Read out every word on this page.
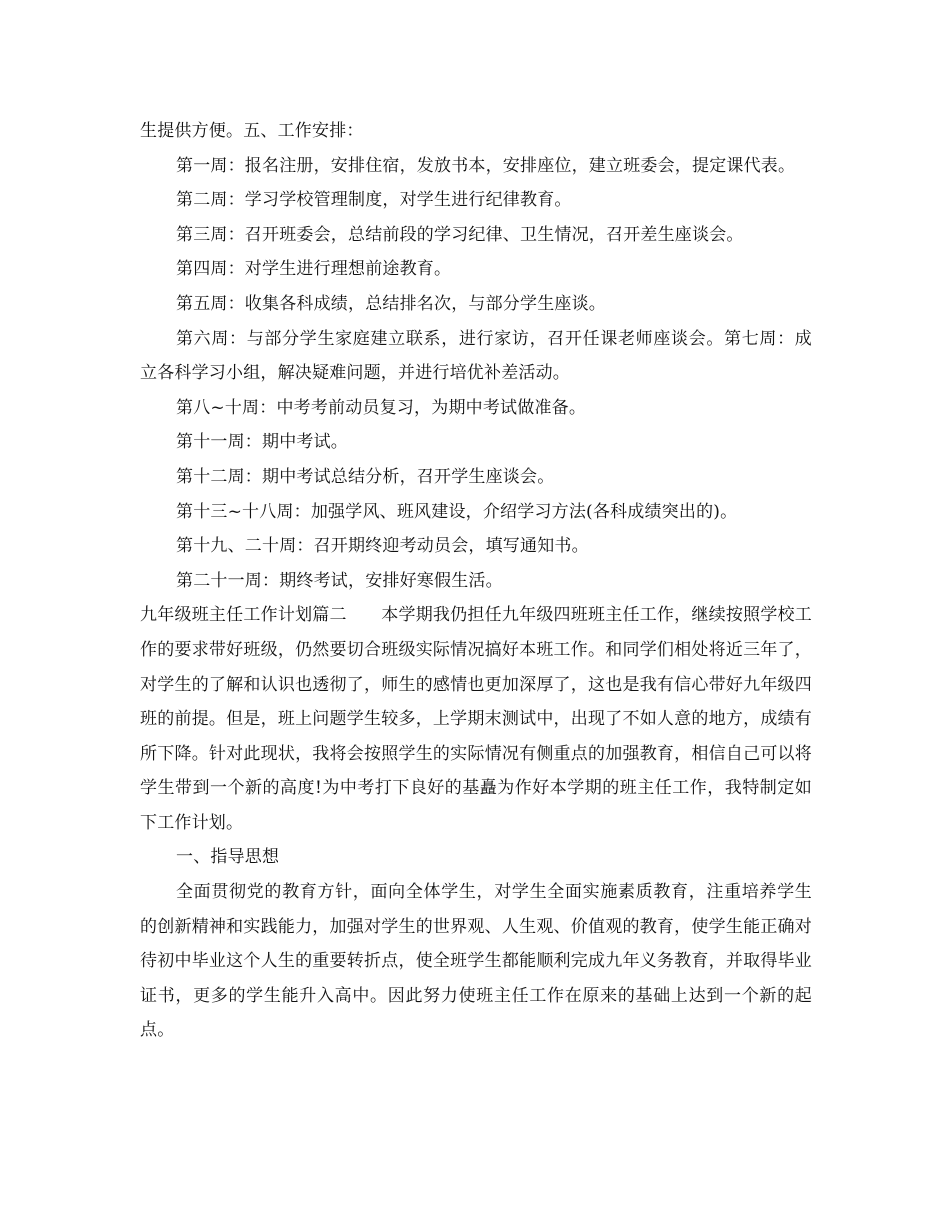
生提供方便。五、工作安排：

第一周：报名注册，安排住宿，发放书本，安排座位，建立班委会，提定课代表。

第二周：学习学校管理制度，对学生进行纪律教育。

第三周：召开班委会，总结前段的学习纪律、卫生情况，召开差生座谈会。

第四周：对学生进行理想前途教育。

第五周：收集各科成绩，总结排名次，与部分学生座谈。

第六周：与部分学生家庭建立联系，进行家访，召开任课老师座谈会。第七周：成立各科学习小组，解决疑难问题，并进行培优补差活动。

第八~十周：中考考前动员复习，为期中考试做准备。

第十一周：期中考试。

第十二周：期中考试总结分析，召开学生座谈会。

第十三~十八周：加强学风、班风建设，介绍学习方法(各科成绩突出的)。

第十九、二十周：召开期终迎考动员会，填写通知书。

第二十一周：期终考试，安排好寒假生活。

九年级班主任工作计划篇二　　本学期我仍担任九年级四班班主任工作，继续按照学校工作的要求带好班级，仍然要切合班级实际情况搞好本班工作。和同学们相处将近三年了，对学生的了解和认识也透彻了，师生的感情也更加深厚了，这也是我有信心带好九年级四班的前提。但是，班上问题学生较多，上学期末测试中，出现了不如人意的地方，成绩有所下降。针对此现状，我将会按照学生的实际情况有侧重点的加强教育，相信自己可以将学生带到一个新的高度!为中考打下良好的基矗为作好本学期的班主任工作，我特制定如下工作计划。

一、指导思想

全面贯彻党的教育方针，面向全体学生，对学生全面实施素质教育，注重培养学生的创新精神和实践能力，加强对学生的世界观、人生观、价值观的教育，使学生能正确对待初中毕业这个人生的重要转折点，使全班学生都能顺利完成九年义务教育，并取得毕业证书，更多的学生能升入高中。因此努力使班主任工作在原来的基础上达到一个新的起点。
